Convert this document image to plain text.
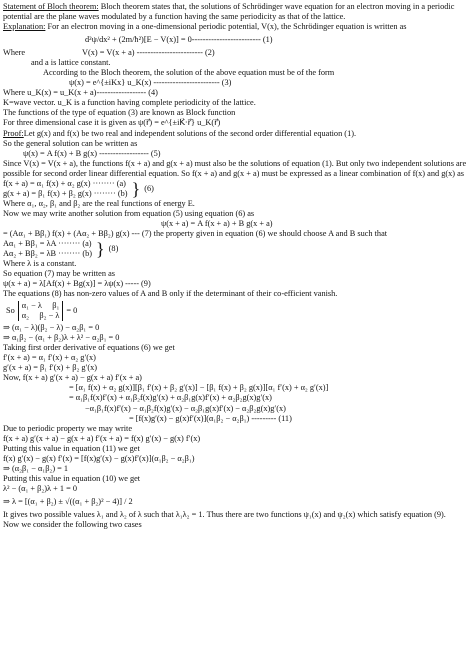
Statement of Bloch theorem: Bloch theorem states that, the solutions of Schrödinger wave equation for an electron moving in a periodic potential are the plane waves modulated by a function having the same periodicity as that of the lattice.
Explanation: For an electron moving in a one-dimensional periodic potential, V(x), the Schrödinger equation is written as
d²ψ/dx² + (2m/ħ²)[E − V(x)] = 0------------------------- (1)
Where	V(x) = V(x + a) ------------------------ (2)
and a is lattice constant.
According to the Bloch theorem, the solution of the above equation must be of the form
ψ(x) = e^{±iKx} u_K(x) ------------------------ (3)
Where u_K(x) = u_K(x + a)------------------ (4)
K=wave vector. u_K is a function having complete periodicity of the lattice.
The functions of the type of equation (3) are known as Block function
For three dimensional case it is given as ψ(r⃗) = e^{±iK⃗·r⃗} u_K(r⃗)
Proof:Let g(x) and f(x) be two real and independent solutions of the second order differential equation (1).
So the general solution can be written as
ψ(x) = A f(x) + B g(x) ------------------ (5)
Since V(x) = V(x + a), the functions f(x + a) and g(x + a) must also be the solutions of equation (1). But only two independent solutions are possible for second order linear differential equation. So f(x + a) and g(x + a) must be expressed as a linear combination of f(x) and g(x) as
f(x + a) = α₁ f(x) + α₂ g(x) ········ (a)
g(x + a) = β₁ f(x) + β₂ g(x) ········ (b) } (6)
Where α₁, α₂, β₁ and β₂ are the real functions of energy E.
Now we may write another solution from equation (5) using equation (6) as
ψ(x + a) = A f(x + a) + B g(x + a)
= (Aα₁ + Bβ₁) f(x) + (Aα₂ + Bβ₂) g(x) --- (7) the property given in equation (6) we should choose A and B such that
Aα₁ + Bβ₁ = λA ········ (a)
Aα₂ + Bβ₂ = λB ········ (b) } (8)
Where λ is a constant.
So equation (7) may be written as
ψ(x + a) = λ[Af(x) + Bg(x)] = λψ(x) ----- (9)
The equations (8) has non-zero values of A and B only if the determinant of their co-efficient vanish.
So
α₁ − λ     β₁
α₂     β₂ − λ
= 0
⇒ (α₁ − λ)(β₂ − λ) − α₂β₁ = 0
⇒ α₁β₂ − (α₁ + β₂)λ + λ² − α₂β₁ = 0
Taking first order derivative of equations (6) we get
f′(x + a) = α₁ f′(x) + α₂ g′(x)
g′(x + a) = β₁ f′(x) + β₂ g′(x)
Now, f(x + a) g′(x + a) − g(x + a) f′(x + a)
= [α₁ f(x) + α₂ g(x)][β₁ f′(x) + β₂ g′(x)] − [β₁ f(x) + β₂ g(x)][α₁ f′(x) + α₂ g′(x)]
= α₁β₁f(x)f′(x) + α₁β₂f(x)g′(x) + α₂β₁g(x)f′(x) + α₂β₂g(x)g′(x)
−α₁β₁f(x)f′(x) − α₁β₂f(x)g′(x) − α₂β₁g(x)f′(x) − α₂β₂g(x)g′(x)
= [f(x)g′(x) − g(x)f′(x)](α₁β₂ − α₂β₁) --------- (11)
Due to periodic property we may write
f(x + a) g′(x + a) − g(x + a) f′(x + a) = f(x) g′(x) − g(x) f′(x)
Putting this value in equation (11) we get
f(x) g′(x) − g(x) f′(x) = [f(x)g′(x) − g(x)f′(x)](α₁β₂ − α₂β₁)
⇒ (α₂β₁ − α₁β₂) = 1
Putting this value in equation (10) we get
λ² − (α₁ + β₂)λ + 1 = 0
⇒ λ = [(α₁ + β₂) ± √((α₁ + β₂)² − 4)] / 2
It gives two possible values λ₁ and λ₂ of λ such that λ₁λ₂ = 1. Thus there are two functions ψ₁(x) and ψ₂(x) which satisfy equation (9).
Now we consider the following two cases
